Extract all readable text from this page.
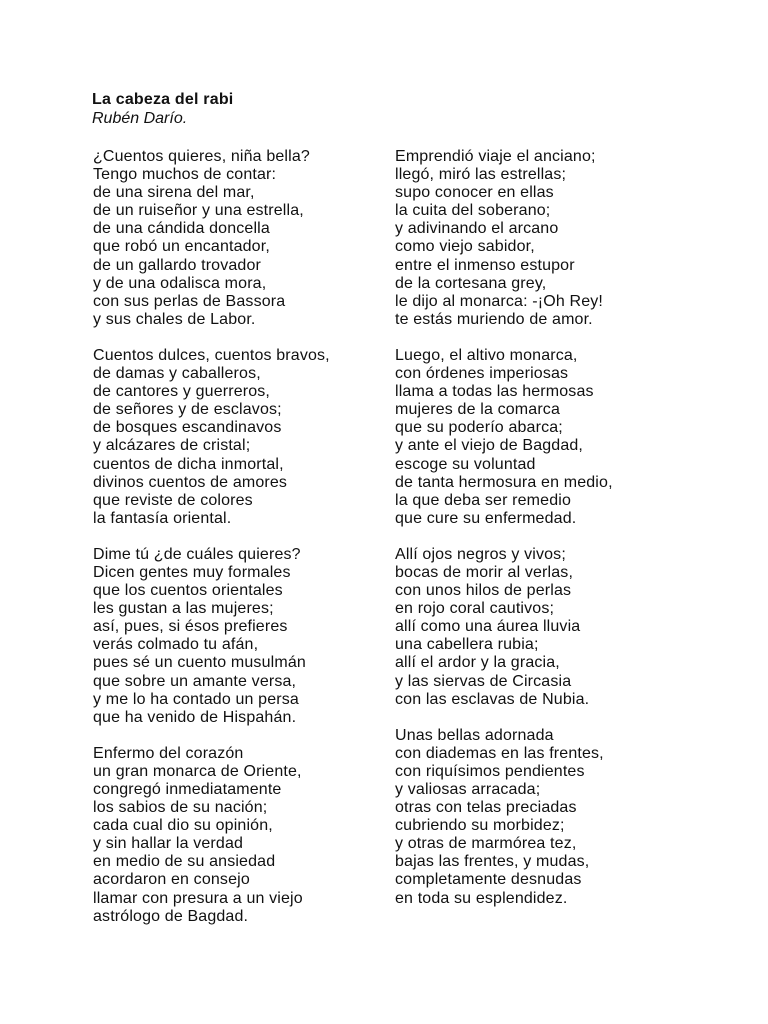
La cabeza del rabi
Rubén Darío.
¿Cuentos quieres, niña bella?
Tengo muchos de contar:
de una sirena del mar,
de un ruiseñor y una estrella,
de una cándida doncella
que robó un encantador,
de un gallardo trovador
y de una odalisca mora,
con sus perlas de Bassora
y sus chales de Labor.
Cuentos dulces, cuentos bravos,
de damas y caballeros,
de cantores y guerreros,
de señores y de esclavos;
de bosques escandinavos
y alcázares de cristal;
cuentos de dicha inmortal,
divinos cuentos de amores
que reviste de colores
la fantasía oriental.
Dime tú ¿de cuáles quieres?
Dicen gentes muy formales
que los cuentos orientales
les gustan a las mujeres;
así, pues, si ésos prefieres
verás colmado tu afán,
pues sé un cuento musulmán
que sobre un amante versa,
y me lo ha contado un persa
que ha venido de Hispahán.
Enfermo del corazón
un gran monarca de Oriente,
congregó inmediatamente
los sabios de su nación;
cada cual dio su opinión,
y sin hallar la verdad
en medio de su ansiedad
acordaron en consejo
llamar con presura a un viejo
astrólogo de Bagdad.
Emprendió viaje el anciano;
llegó, miró las estrellas;
supo conocer en ellas
la cuita del soberano;
y adivinando el arcano
como viejo sabidor,
entre el inmenso estupor
de la cortesana grey,
le dijo al monarca: -¡Oh Rey!
te estás muriendo de amor.
Luego, el altivo monarca,
con órdenes imperiosas
llama a todas las hermosas
mujeres de la comarca
que su poderío abarca;
y ante el viejo de Bagdad,
escoge su voluntad
de tanta hermosura en medio,
la que deba ser remedio
que cure su enfermedad.
Allí ojos negros y vivos;
bocas de morir al verlas,
con unos hilos de perlas
en rojo coral cautivos;
allí como una áurea lluvia
una cabellera rubia;
allí el ardor y la gracia,
y las siervas de Circasia
con las esclavas de Nubia.
Unas bellas adornada
con diademas en las frentes,
con riquísimos pendientes
y valiosas arracada;
otras con telas preciadas
cubriendo su morbidez;
y otras de marmórea tez,
bajas las frentes, y mudas,
completamente desnudas
en toda su esplendidez.
